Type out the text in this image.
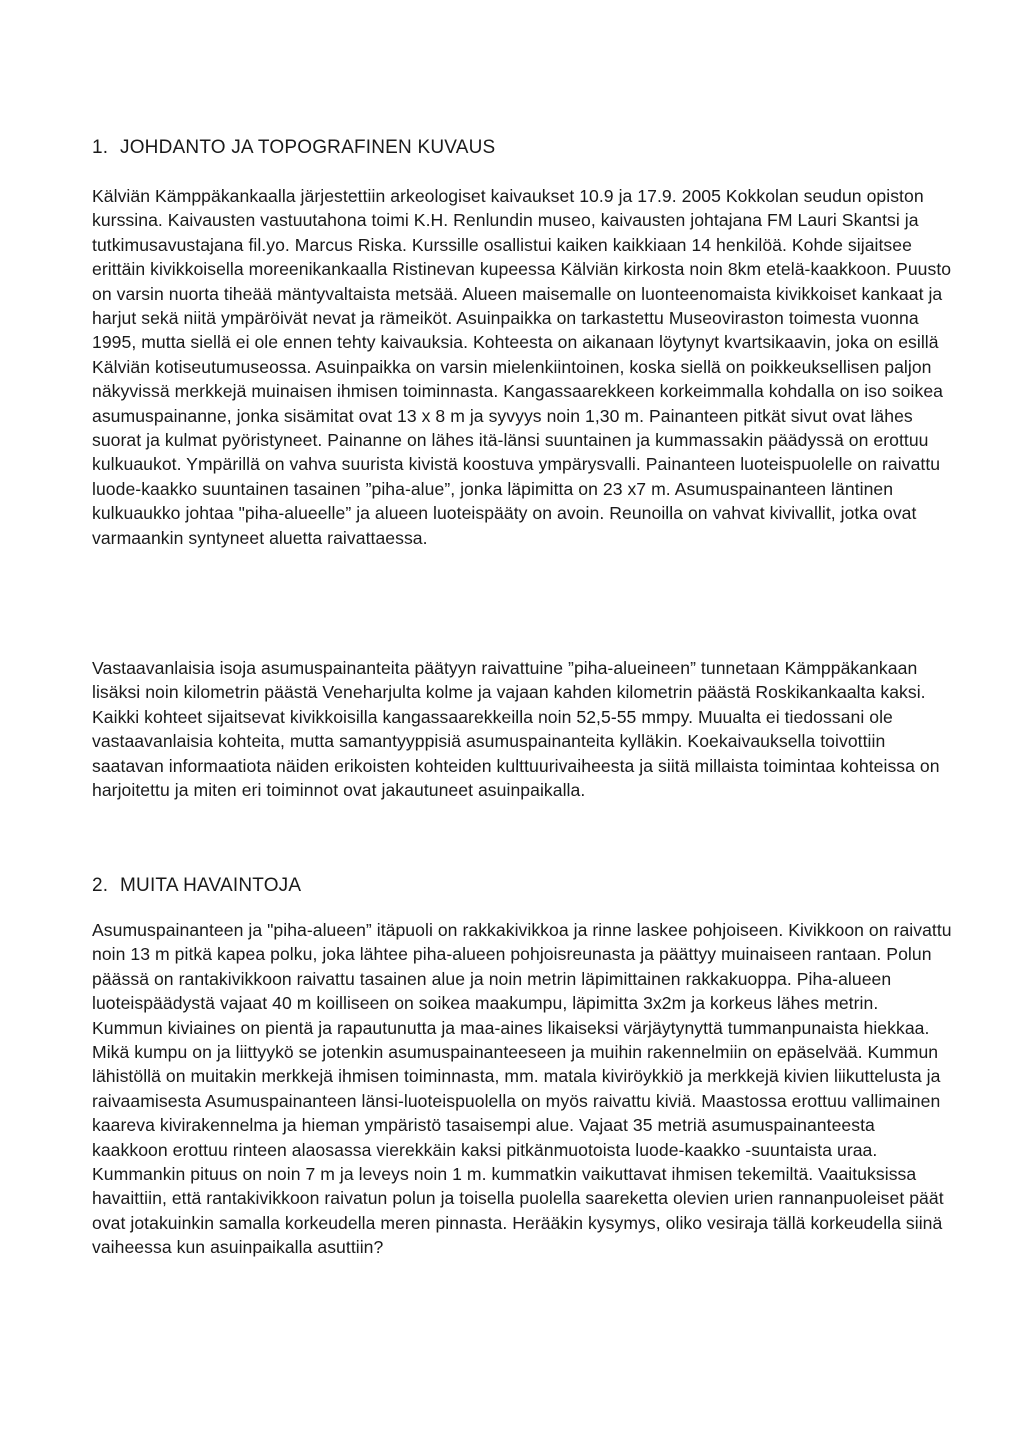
1. JOHDANTO JA TOPOGRAFINEN KUVAUS

Kälviän Kämppäkankaalla järjestettiin arkeologiset kaivaukset 10.9 ja 17.9. 2005 Kokkolan seudun opiston kurssina. Kaivausten vastuutahona toimi K.H. Renlundin museo, kaivausten johtajana FM Lauri Skantsi ja tutkimusavustajana fil.yo. Marcus Riska. Kurssille osallistui kaiken kaikkiaan 14 henkilöä. Kohde sijaitsee erittäin kivikkoisella moreenikankaalla Ristinevan kupeessa Kälviän kirkosta noin 8km etelä-kaakkoon. Puusto on varsin nuorta tiheää mäntyvaltaista metsää. Alueen maisemalle on luonteenomaista kivikkoiset kankaat ja harjut sekä niitä ympäröivät nevat ja rämeiköt. Asuinpaikka on tarkastettu Museoviraston toimesta vuonna 1995, mutta siellä ei ole ennen tehty kaivauksia. Kohteesta on aikanaan löytynyt kvartsikaavin, joka on esillä Kälviän kotiseutumuseossa. Asuinpaikka on varsin mielenkiintoinen, koska siellä on poikkeuksellisen paljon näkyvissä merkkejä muinaisen ihmisen toiminnasta. Kangassaarekkeen korkeimmalla kohdalla on iso soikea asumuspainanne, jonka sisämitat ovat 13 x 8 m ja syvyys noin 1,30 m. Painanteen pitkät sivut ovat lähes suorat ja kulmat pyöristyneet. Painanne on lähes itä-länsi suuntainen ja kummassakin päädyssä on erottuu kulkuaukot. Ympärillä on vahva suurista kivistä koostuva ympärysvalli. Painanteen luoteispuolelle on raivattu luode-kaakko suuntainen tasainen ”piha-alue”, jonka läpimitta on 23 x7 m. Asumuspainanteen läntinen kulkuaukko johtaa "piha-alueelle” ja alueen luoteispääty on avoin. Reunoilla on vahvat kivivallit, jotka ovat varmaankin syntyneet aluetta raivattaessa.

Vastaavanlaisia isoja asumuspainanteita päätyyn raivattuine ”piha-alueineen” tunnetaan Kämppäkankaan lisäksi noin kilometrin päästä Veneharjulta kolme ja vajaan kahden kilometrin päästä Roskikankaalta kaksi. Kaikki kohteet sijaitsevat kivikkoisilla kangassaarekkeilla noin 52,5-55 mmpy. Muualta ei tiedossani ole vastaavanlaisia kohteita, mutta samantyyppisiä asumuspainanteita kylläkin. Koekaivauksella toivottiin saatavan informaatiota näiden erikoisten kohteiden kulttuurivaiheesta ja siitä millaista toimintaa kohteissa on harjoitettu ja miten eri toiminnot ovat jakautuneet asuinpaikalla.

2. MUITA HAVAINTOJA

Asumuspainanteen ja "piha-alueen” itäpuoli on rakkakivikkoa ja rinne laskee pohjoiseen. Kivikkoon on raivattu noin 13 m pitkä kapea polku, joka lähtee piha-alueen pohjoisreunasta ja päättyy muinaiseen rantaan. Polun päässä on rantakivikkoon raivattu tasainen alue ja noin metrin läpimittainen rakkakuoppa. Piha-alueen luoteispäädystä vajaat 40 m koilliseen on soikea maakumpu, läpimitta 3x2m ja korkeus lähes metrin. Kummun kiviaines on pientä ja rapautunutta ja maa-aines likaiseksi värjäytynyttä tummanpunaista hiekkaa. Mikä kumpu on ja liittyykö se jotenkin asumuspainanteeseen ja muihin rakennelmiin on epäselvää. Kummun lähistöllä on muitakin merkkejä ihmisen toiminnasta, mm. matala kiviröykkiö ja merkkejä kivien liikuttelusta ja raivaamisesta Asumuspainanteen länsi-luoteispuolella on myös raivattu kiviä. Maastossa erottuu vallimainen kaareva kivirakennelma ja hieman ympäristö tasaisempi alue. Vajaat 35 metriä asumuspainanteesta kaakkoon erottuu rinteen alaosassa vierekkäin kaksi pitkänmuotoista luode-kaakko -suuntaista uraa. Kummankin pituus on noin 7 m ja leveys noin 1 m. kummatkin vaikuttavat ihmisen tekemiltä. Vaaituksissa havaittiin, että rantakivikkoon raivatun polun ja toisella puolella saareketta olevien urien rannanpuoleiset päät ovat jotakuinkin samalla korkeudella meren pinnasta. Herääkin kysymys, oliko vesiraja tällä korkeudella siinä vaiheessa kun asuinpaikalla asuttiin?
